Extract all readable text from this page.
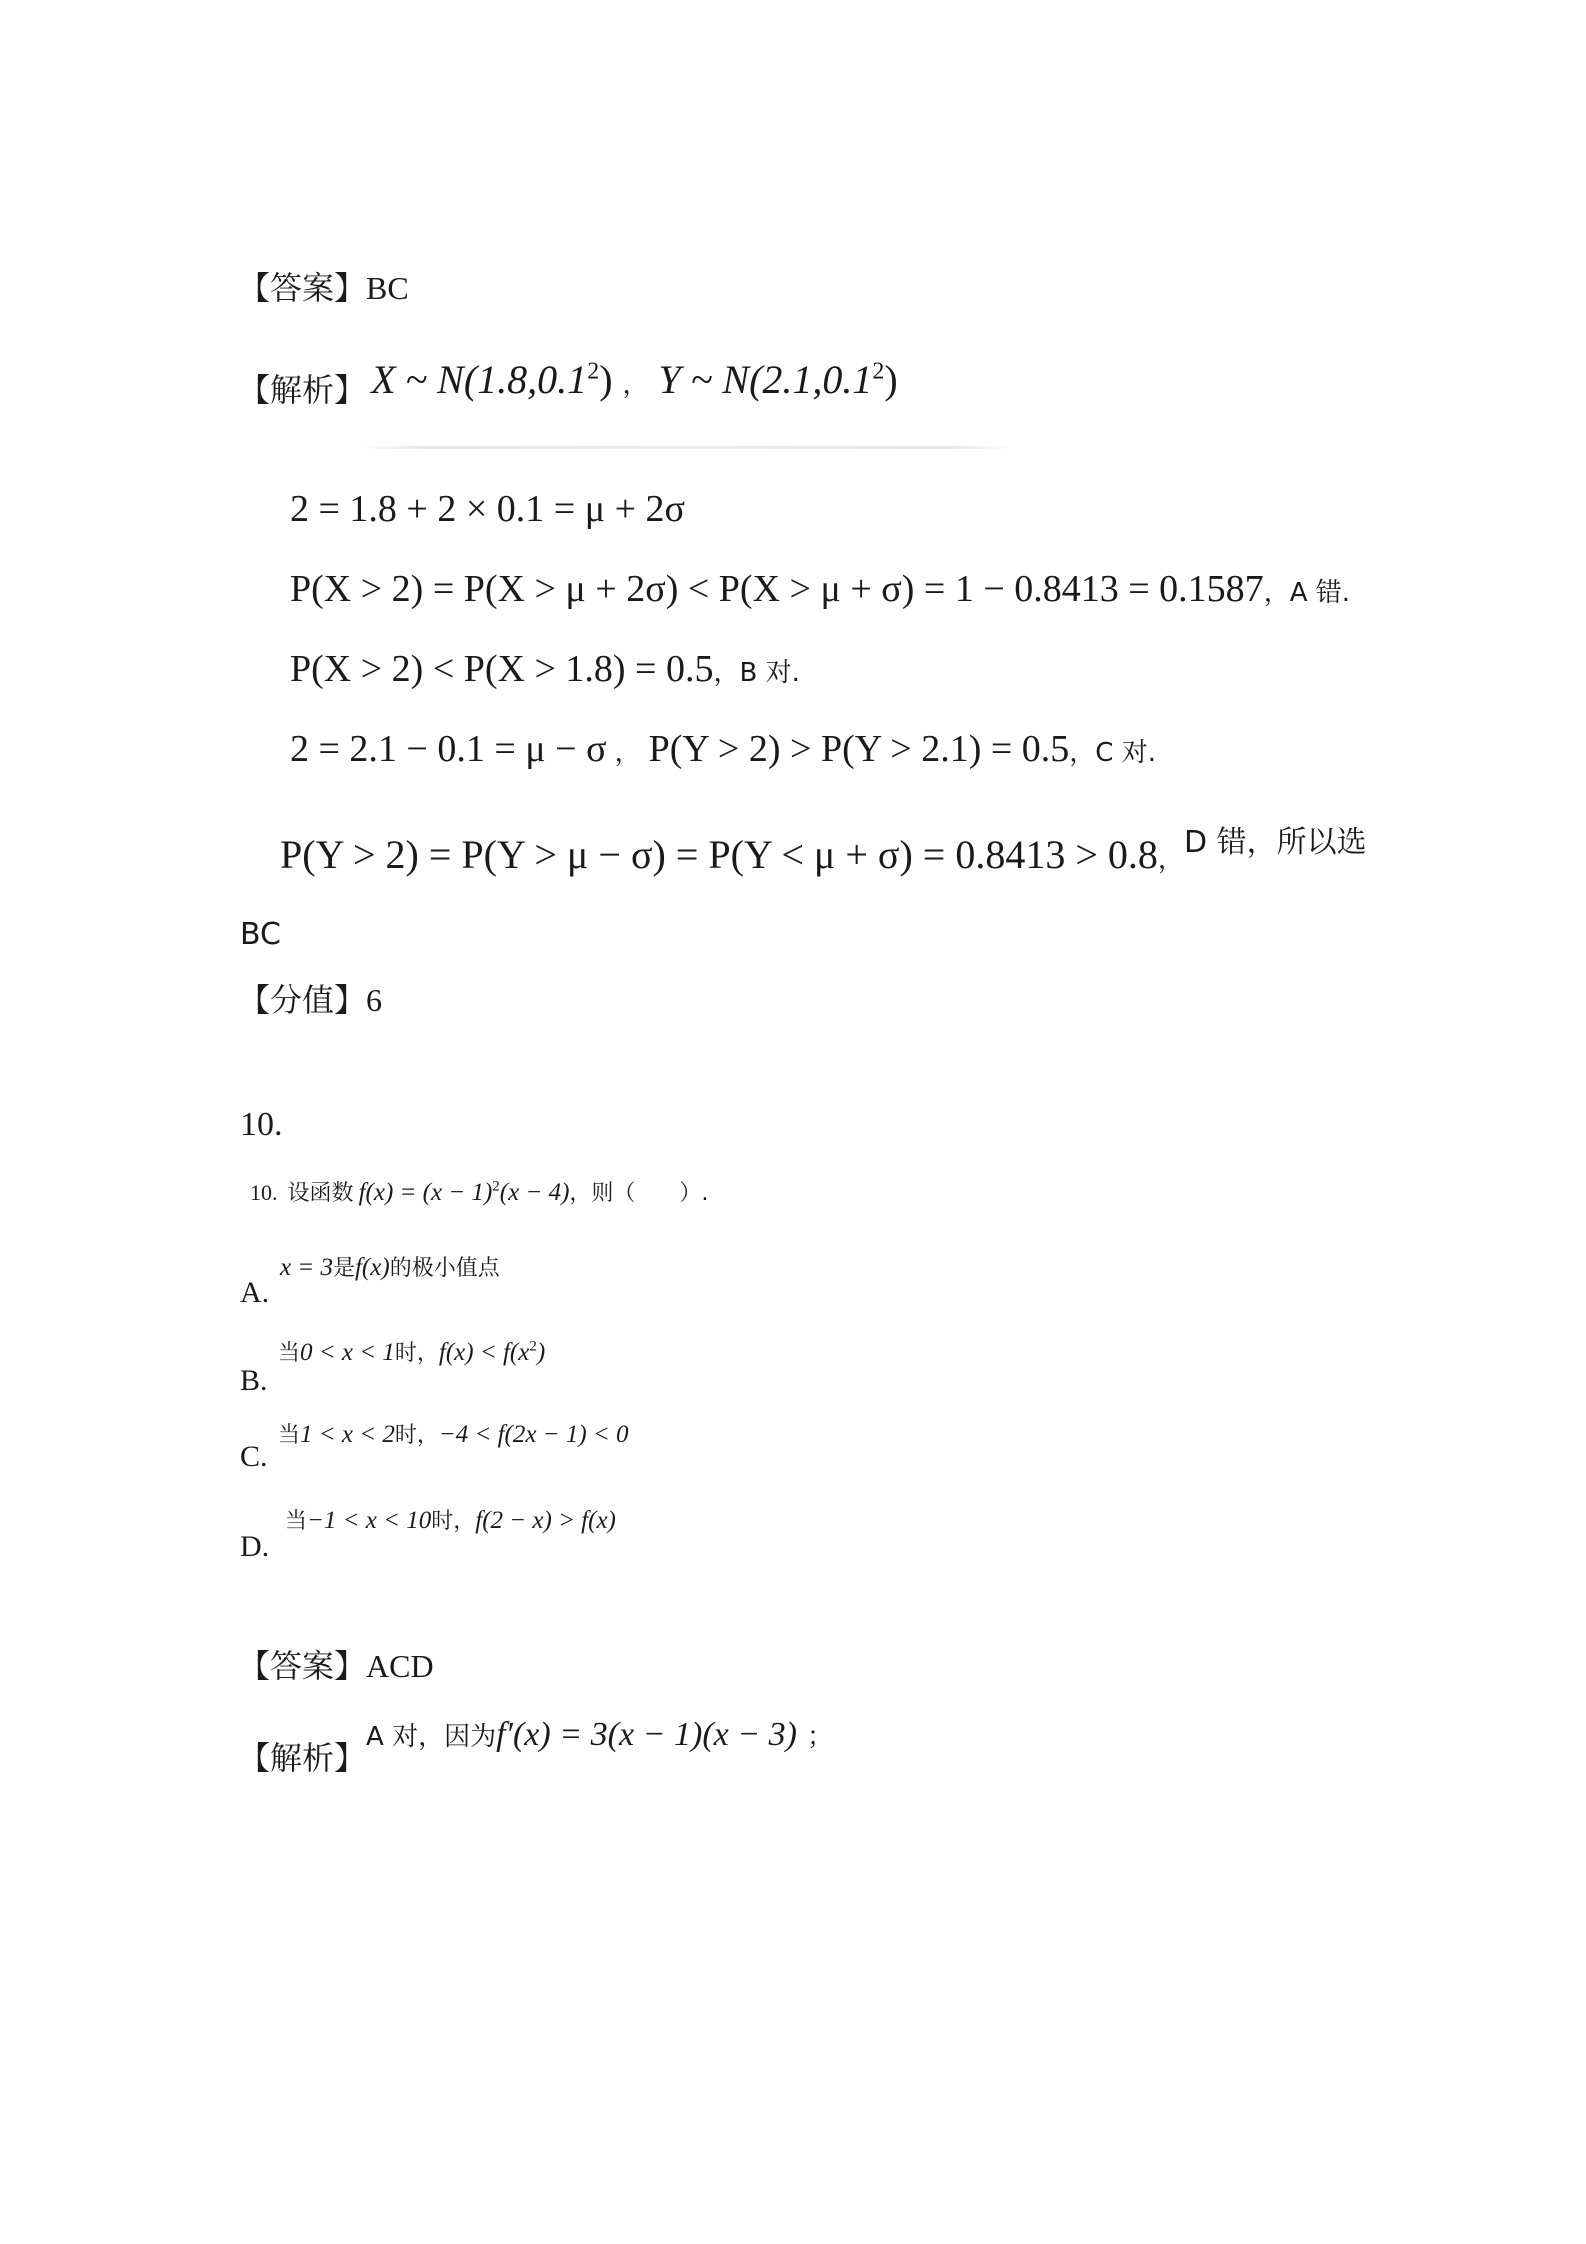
【答案】BC
【解析】 X ~ N(1.8,0.1$^2$) ， Y ~ N(2.1,0.1$^2$)
2 = 1.8 + 2 × 0.1 = μ + 2σ
P(X > 2) = P(X > μ + 2σ) < P(X > μ + σ) = 1 − 0.8413 = 0.1587，A 错.
P(X > 2) < P(X > 1.8) = 0.5，B 对.
2 = 2.1 − 0.1 = μ − σ ， P(Y > 2) > P(Y > 2.1) = 0.5，C 对.
P(Y > 2) = P(Y > μ − σ) = P(Y < μ + σ) = 0.8413 > 0.8，D 错，所以选
BC
【分值】6
10.
10. 设函数 $f(x) = (x - 1)^2(x - 4)$，则（　　）.
A.
x = 3是f(x)的极小值点
B.
当0 < x < 1时，$f(x) < f(x^2)$
C.
当1 < x < 2时，−4 < f(2x − 1) < 0
D.
当−1 < x < 10时，f(2 − x) > f(x)
【答案】ACD
【解析】A 对，因为f′(x) = 3(x − 1)(x − 3) ；
